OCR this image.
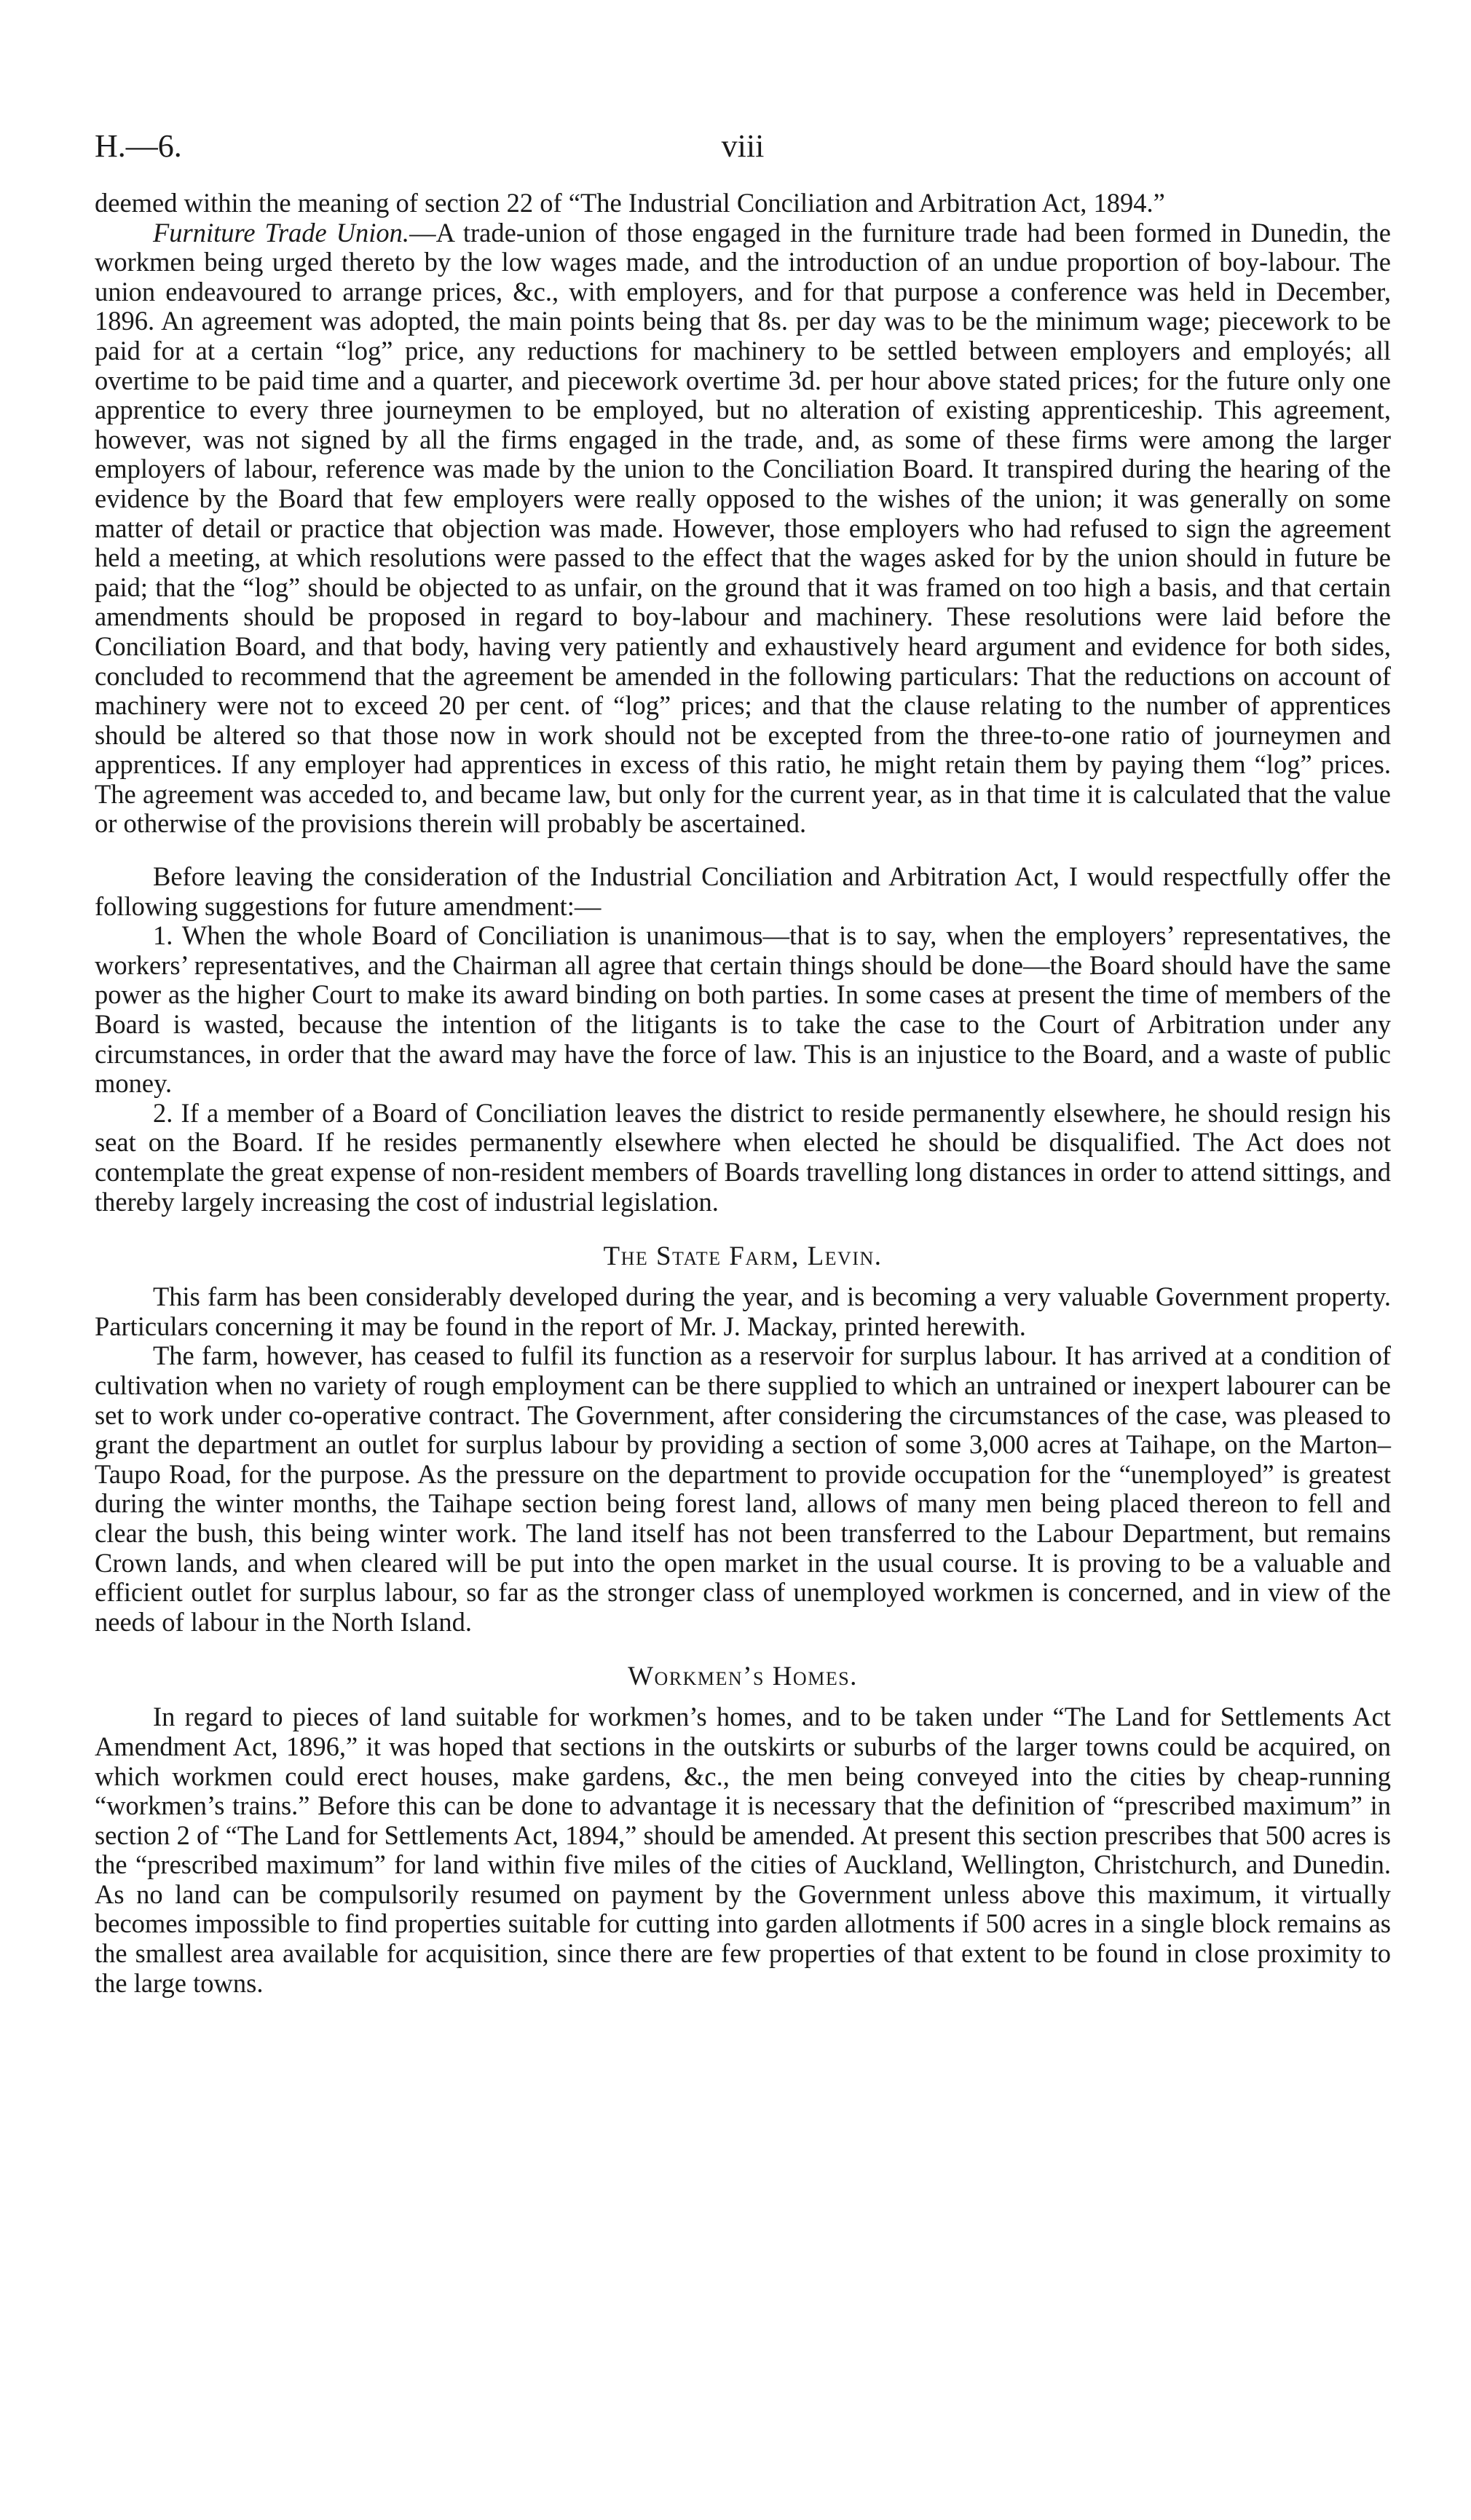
H.—6.	viii

deemed within the meaning of section 22 of “The Industrial Conciliation and Arbitration Act, 1894.”

Furniture Trade Union.—A trade-union of those engaged in the furniture trade had been formed in Dunedin, the workmen being urged thereto by the low wages made, and the introduction of an undue proportion of boy-labour. The union endeavoured to arrange prices, &c., with employers, and for that purpose a conference was held in December, 1896. An agreement was adopted, the main points being that 8s. per day was to be the minimum wage; piecework to be paid for at a certain “log” price, any reductions for machinery to be settled between employers and employés; all overtime to be paid time and a quarter, and piecework overtime 3d. per hour above stated prices; for the future only one apprentice to every three journeymen to be employed, but no alteration of existing apprenticeship. This agreement, however, was not signed by all the firms engaged in the trade, and, as some of these firms were among the larger employers of labour, reference was made by the union to the Conciliation Board. It transpired during the hearing of the evidence by the Board that few employers were really opposed to the wishes of the union; it was generally on some matter of detail or practice that objection was made. However, those employers who had refused to sign the agreement held a meeting, at which resolutions were passed to the effect that the wages asked for by the union should in future be paid; that the “log” should be objected to as unfair, on the ground that it was framed on too high a basis, and that certain amendments should be proposed in regard to boy-labour and machinery. These resolutions were laid before the Conciliation Board, and that body, having very patiently and exhaustively heard argument and evidence for both sides, concluded to recommend that the agreement be amended in the following particulars: That the reductions on account of machinery were not to exceed 20 per cent. of “log” prices; and that the clause relating to the number of apprentices should be altered so that those now in work should not be excepted from the three-to-one ratio of journeymen and apprentices. If any employer had apprentices in excess of this ratio, he might retain them by paying them “log” prices. The agreement was acceded to, and became law, but only for the current year, as in that time it is calculated that the value or otherwise of the provisions therein will probably be ascertained.

Before leaving the consideration of the Industrial Conciliation and Arbitration Act, I would respectfully offer the following suggestions for future amendment:—

1. When the whole Board of Conciliation is unanimous—that is to say, when the employers’ representatives, the workers’ representatives, and the Chairman all agree that certain things should be done—the Board should have the same power as the higher Court to make its award binding on both parties. In some cases at present the time of members of the Board is wasted, because the intention of the litigants is to take the case to the Court of Arbitration under any circumstances, in order that the award may have the force of law. This is an injustice to the Board, and a waste of public money.

2. If a member of a Board of Conciliation leaves the district to reside permanently elsewhere, he should resign his seat on the Board. If he resides permanently elsewhere when elected he should be disqualified. The Act does not contemplate the great expense of non-resident members of Boards travelling long distances in order to attend sittings, and thereby largely increasing the cost of industrial legislation.

The State Farm, Levin.

This farm has been considerably developed during the year, and is becoming a very valuable Government property. Particulars concerning it may be found in the report of Mr. J. Mackay, printed herewith.

The farm, however, has ceased to fulfil its function as a reservoir for surplus labour. It has arrived at a condition of cultivation when no variety of rough employment can be there supplied to which an untrained or inexpert labourer can be set to work under co-operative contract. The Government, after considering the circumstances of the case, was pleased to grant the department an outlet for surplus labour by providing a section of some 3,000 acres at Taihape, on the Marton–Taupo Road, for the purpose. As the pressure on the department to provide occupation for the “unemployed” is greatest during the winter months, the Taihape section being forest land, allows of many men being placed thereon to fell and clear the bush, this being winter work. The land itself has not been transferred to the Labour Department, but remains Crown lands, and when cleared will be put into the open market in the usual course. It is proving to be a valuable and efficient outlet for surplus labour, so far as the stronger class of unemployed workmen is concerned, and in view of the needs of labour in the North Island.

Workmen’s Homes.

In regard to pieces of land suitable for workmen’s homes, and to be taken under “The Land for Settlements Act Amendment Act, 1896,” it was hoped that sections in the outskirts or suburbs of the larger towns could be acquired, on which workmen could erect houses, make gardens, &c., the men being conveyed into the cities by cheap-running “workmen’s trains.” Before this can be done to advantage it is necessary that the definition of “prescribed maximum” in section 2 of “The Land for Settlements Act, 1894,” should be amended. At present this section prescribes that 500 acres is the “prescribed maximum” for land within five miles of the cities of Auckland, Wellington, Christchurch, and Dunedin. As no land can be compulsorily resumed on payment by the Government unless above this maximum, it virtually becomes impossible to find properties suitable for cutting into garden allotments if 500 acres in a single block remains as the smallest area available for acquisition, since there are few properties of that extent to be found in close proximity to the large towns.
